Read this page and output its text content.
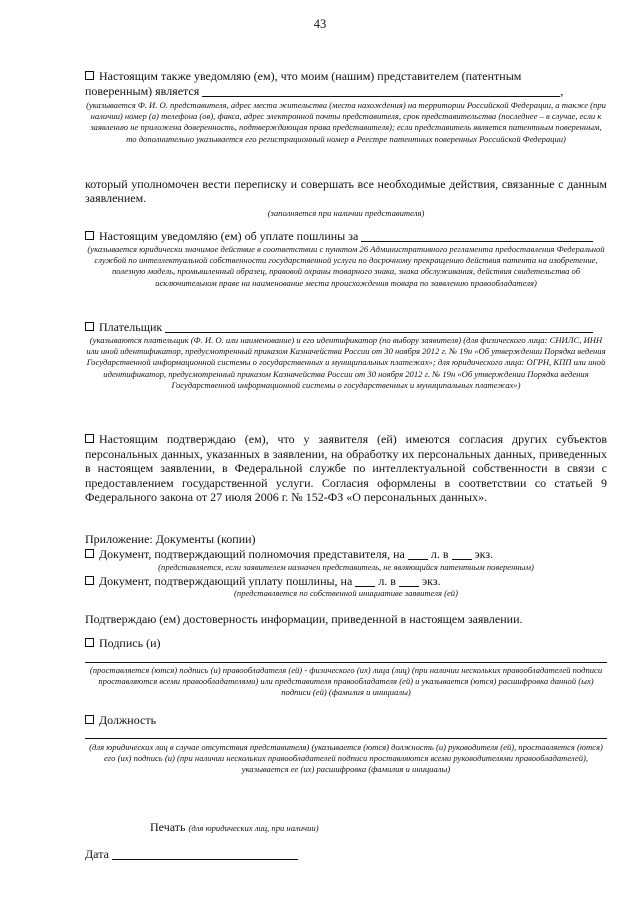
43
Настоящим также уведомляю (ем), что моим (нашим) представителем (патентным
поверенным) является	,
(указывается Ф. И. О. представителя, адрес места жительства (места нахождения) на территории Российской Федерации, а также (при наличии) номер (а) телефона (ов), факса, адрес электронной почты представителя, срок представительства (последнее – в случае, если к заявлению не приложена доверенность, подтверждающая права представителя); если представитель является патентным поверенным, то дополнительно указывается его регистрационный номер в Реестре патентных поверенных Российской Федерации)
который уполномочен вести переписку и совершать все необходимые действия, связанные с данным заявлением.
(заполняется при наличии представителя)
Настоящим уведомляю (ем) об уплате пошлины за
(указывается юридически значимое действие в соответствии с пунктом 26 Административного регламента предоставления Федеральной службой по интеллектуальной собственности государственной услуги по досрочному прекращению действия патента на изобретение, полезную модель, промышленный образец, правовой охраны товарного знака, знака обслуживания, действия свидетельства об исключительном праве на наименование места происхождения товара по заявлению правообладателя)
Плательщик
(указываются плательщик (Ф. И. О. или наименование) и его идентификатор (по выбору заявителя) (для физического лица: СНИЛС, ИНН или иной идентификатор, предусмотренный приказом Казначейства России от 30 ноября 2012 г. № 19н «Об утверждении Порядка ведения Государственной информационной системы о государственных и муниципальных платежах»; для юридического лица: ОГРН, КПП или иной идентификатор, предусмотренный приказом Казначейства России от 30 ноября 2012 г. № 19н «Об утверждении Порядка ведения Государственной информационной системы о государственных и муниципальных платежах»)
Настоящим подтверждаю (ем), что у заявителя (ей) имеются согласия других субъектов персональных данных, указанных в заявлении, на обработку их персональных данных, приведенных в настоящем заявлении, в Федеральной службе по интеллектуальной собственности в связи с предоставлением государственной услуги. Согласия оформлены в соответствии со статьей 9 Федерального закона от 27 июля 2006 г. № 152-ФЗ «О персональных данных».
Приложение: Документы (копии)
Документ, подтверждающий полномочия представителя, на л. в экз.
(представляется, если заявителем назначен представитель, не являющийся патентным поверенным)
Документ, подтверждающий уплату пошлины, на л. в экз.
(представляется по собственной инициативе заявителя (ей)
Подтверждаю (ем) достоверность информации, приведенной в настоящем заявлении.
Подпись (и)
(проставляется (ются) подпись (и) правообладателя (ей) - физического (их) лица (лиц) (при наличии нескольких правообладателей подписи проставляются всеми правообладателями) или представителя правообладателя (ей) и указывается (ются) расшифровка данной (ых) подписи (ей) (фамилия и инициалы)
Должность
(для юридических лиц в случае отсутствия представителя) (указывается (ются) должность (и) руководителя (ей), проставляется (ются) его (их) подпись (и) (при наличии нескольких правообладателей подписи проставляются всеми руководителями правообладателей), указывается ее (их) расшифровка (фамилия и инициалы)
Печать (для юридических лиц, при наличии)
Дата
